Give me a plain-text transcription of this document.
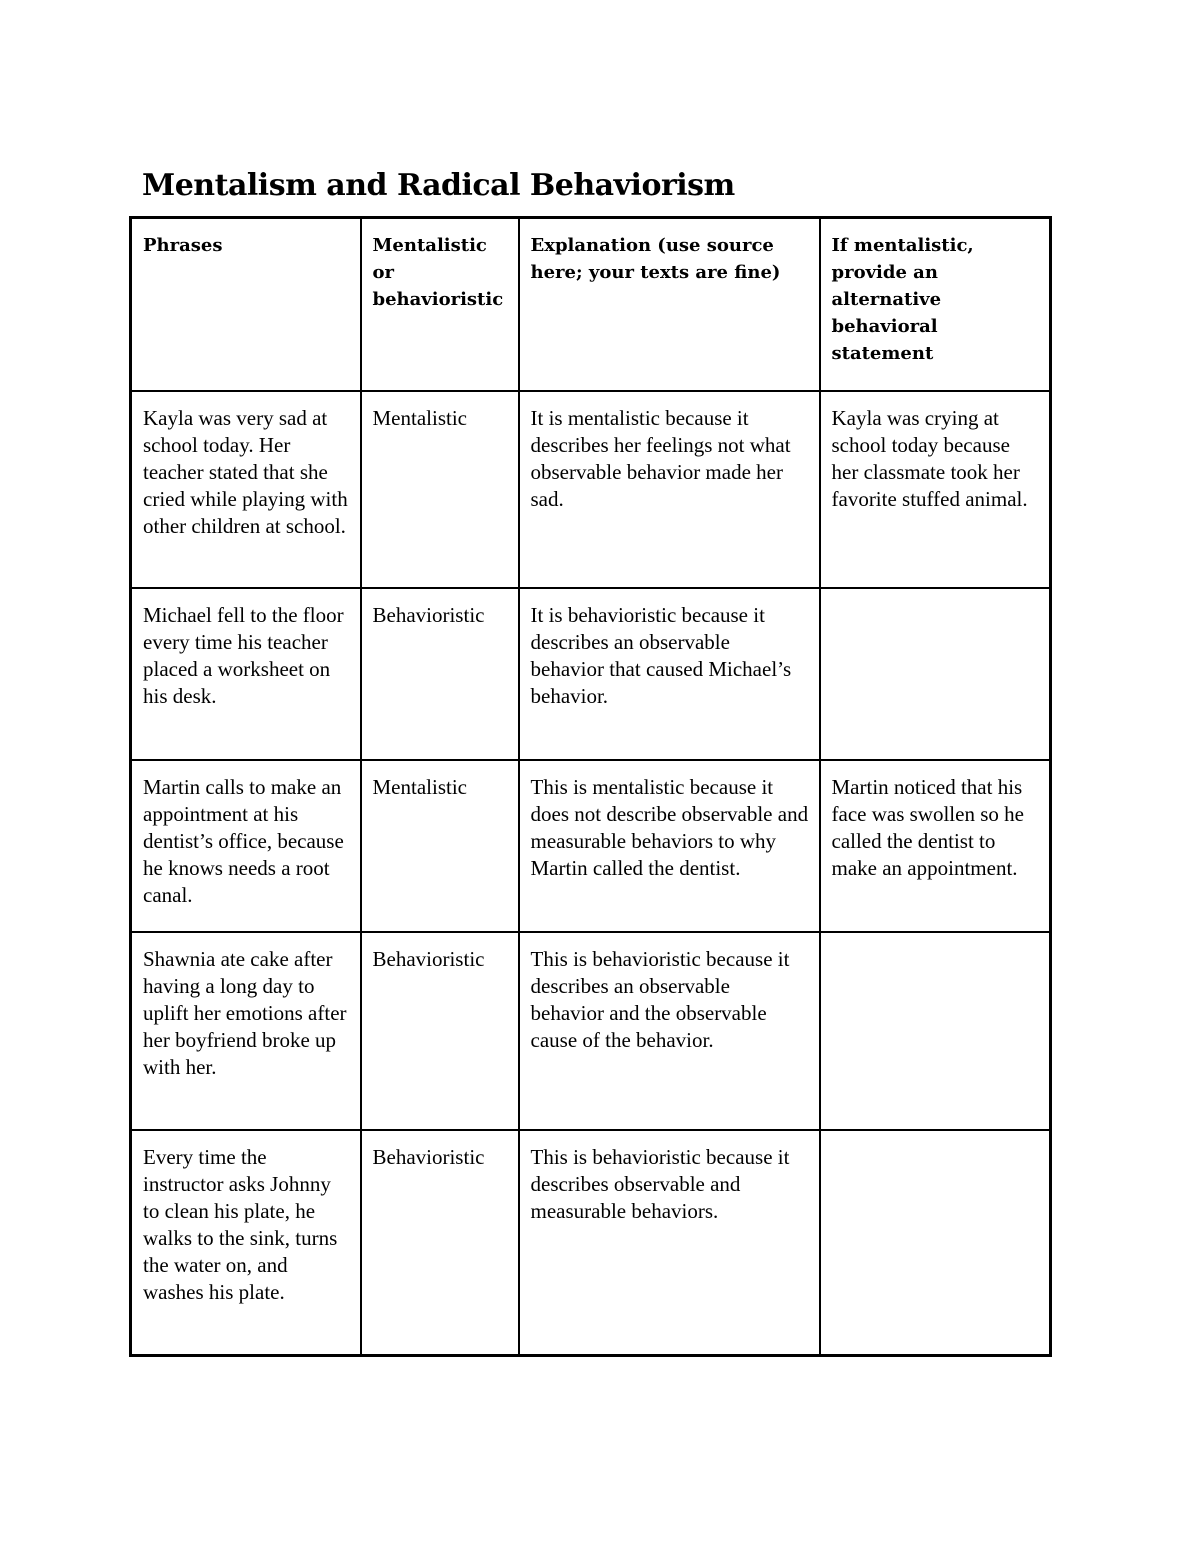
Mentalism and Radical Behaviorism
Phrases	Mentalistic or behavioristic	Explanation (use source here; your texts are fine)	If mentalistic, provide an alternative behavioral statement
Kayla was very sad at school today. Her teacher stated that she cried while playing with other children at school.	Mentalistic	It is mentalistic because it describes her feelings not what observable behavior made her sad.	Kayla was crying at school today because her classmate took her favorite stuffed animal.
Michael fell to the floor every time his teacher placed a worksheet on his desk.	Behavioristic	It is behavioristic because it describes an observable behavior that caused Michael’s behavior.	
Martin calls to make an appointment at his dentist’s office, because he knows needs a root canal.	Mentalistic	This is mentalistic because it does not describe observable and measurable behaviors to why Martin called the dentist.	Martin noticed that his face was swollen so he called the dentist to make an appointment.
Shawnia ate cake after having a long day to uplift her emotions after her boyfriend broke up with her.	Behavioristic	This is behavioristic because it describes an observable behavior and the observable cause of the behavior.	
Every time the instructor asks Johnny to clean his plate, he walks to the sink, turns the water on, and washes his plate.	Behavioristic	This is behavioristic because it describes observable and measurable behaviors.	
